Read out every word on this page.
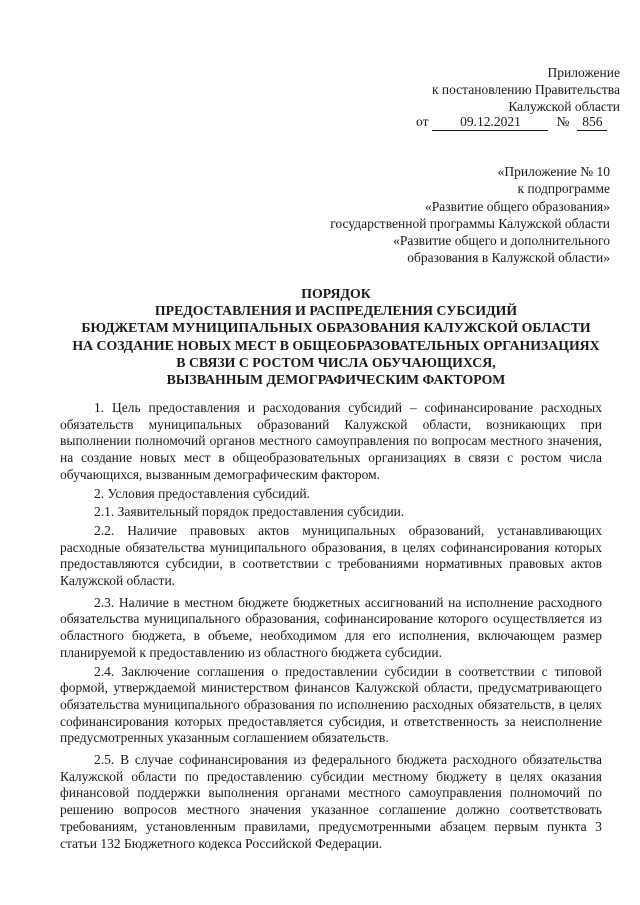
Приложение
к постановлению Правительства
Калужской области
от 09.12.2021	№ 856
«Приложение № 10
к подпрограмме
«Развитие общего образования»
государственной программы Калужской области
«Развитие общего и дополнительного
образования в Калужской области»
ПОРЯДОК
ПРЕДОСТАВЛЕНИЯ И РАСПРЕДЕЛЕНИЯ СУБСИДИЙ
БЮДЖЕТАМ МУНИЦИПАЛЬНЫХ ОБРАЗОВАНИЯ КАЛУЖСКОЙ ОБЛАСТИ
НА СОЗДАНИЕ НОВЫХ МЕСТ В ОБЩЕОБРАЗОВАТЕЛЬНЫХ ОРГАНИЗАЦИЯХ
В СВЯЗИ С РОСТОМ ЧИСЛА ОБУЧАЮЩИХСЯ,
ВЫЗВАННЫМ ДЕМОГРАФИЧЕСКИМ ФАКТОРОМ

1. Цель предоставления и расходования субсидий – софинансирование расходных обязательств муниципальных образований Калужской области, возникающих при выполнении полномочий органов местного самоуправления по вопросам местного значения, на создание новых мест в общеобразовательных организациях в связи с ростом числа обучающихся, вызванным демографическим фактором.

2. Условия предоставления субсидий.

2.1. Заявительный порядок предоставления субсидии.

2.2. Наличие правовых актов муниципальных образований, устанавливающих расходные обязательства муниципального образования, в целях софинансирования которых предоставляются субсидии, в соответствии с требованиями нормативных правовых актов Калужской области.

2.3. Наличие в местном бюджете бюджетных ассигнований на исполнение расходного обязательства муниципального образования, софинансирование которого осуществляется из областного бюджета, в объеме, необходимом для его исполнения, включающем размер планируемой к предоставлению из областного бюджета субсидии.

2.4. Заключение соглашения о предоставлении субсидии в соответствии с типовой формой, утверждаемой министерством финансов Калужской области, предусматривающего обязательства муниципального образования по исполнению расходных обязательств, в целях софинансирования которых предоставляется субсидия, и ответственность за неисполнение предусмотренных указанным соглашением обязательств.

2.5. В случае софинансирования из федерального бюджета расходного обязательства Калужской области по предоставлению субсидии местному бюджету в целях оказания финансовой поддержки выполнения органами местного самоуправления полномочий по решению вопросов местного значения указанное соглашение должно соответствовать требованиям, установленным правилами, предусмотренными абзацем первым пункта 3 статьи 132 Бюджетного кодекса Российской Федерации.
